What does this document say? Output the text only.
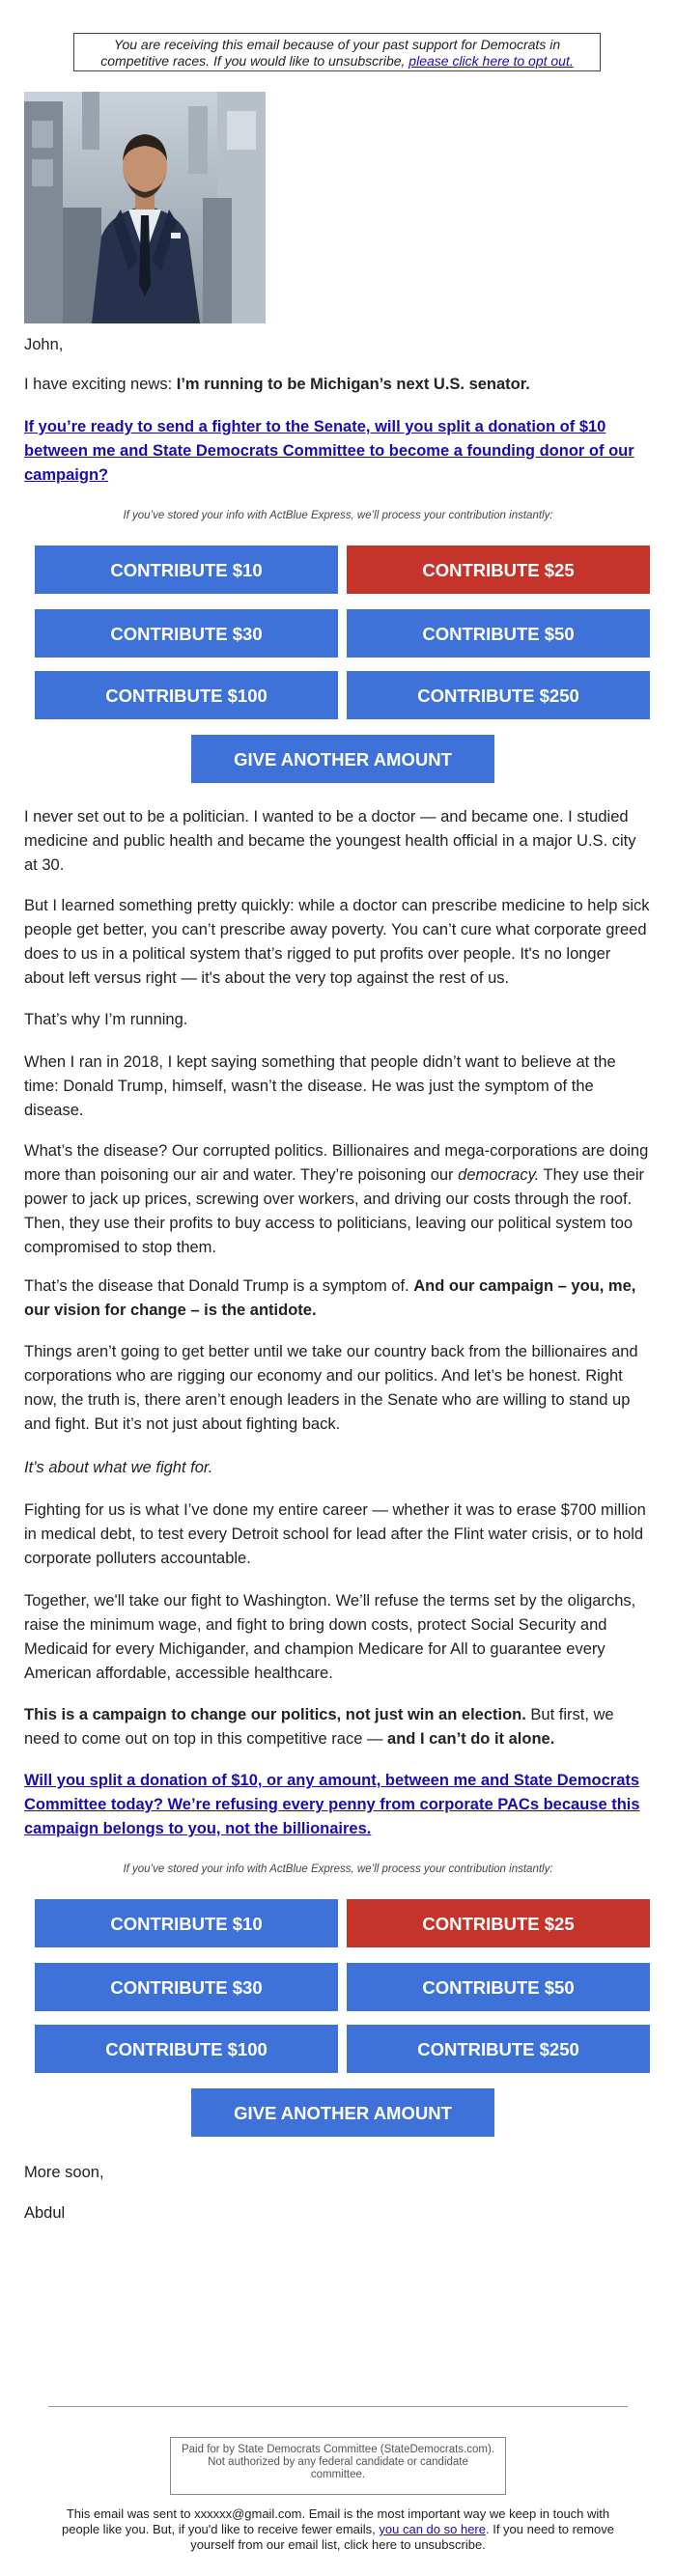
You are receiving this email because of your past support for Democrats in competitive races. If you would like to unsubscribe, please click here to opt out.

John,

I have exciting news: I’m running to be Michigan’s next U.S. senator.

If you’re ready to send a fighter to the Senate, will you split a donation of $10 between me and State Democrats Committee to become a founding donor of our campaign?

If you’ve stored your info with ActBlue Express, we’ll process your contribution instantly:
CONTRIBUTE $10	CONTRIBUTE $25
CONTRIBUTE $30	CONTRIBUTE $50
CONTRIBUTE $100	CONTRIBUTE $250
GIVE ANOTHER AMOUNT
I never set out to be a politician. I wanted to be a doctor — and became one. I studied medicine and public health and became the youngest health official in a major U.S. city at 30.
But I learned something pretty quickly: while a doctor can prescribe medicine to help sick people get better, you can’t prescribe away poverty. You can’t cure what corporate greed does to us in a political system that’s rigged to put profits over people. It's no longer about left versus right — it's about the very top against the rest of us.
That’s why I’m running.
When I ran in 2018, I kept saying something that people didn’t want to believe at the time: Donald Trump, himself, wasn’t the disease. He was just the symptom of the disease.

What’s the disease? Our corrupted politics. Billionaires and mega-corporations are doing more than poisoning our air and water. They’re poisoning our democracy. They use their power to jack up prices, screwing over workers, and driving our costs through the roof. Then, they use their profits to buy access to politicians, leaving our political system too compromised to stop them.

That’s the disease that Donald Trump is a symptom of. And our campaign – you, me, our vision for change – is the antidote.

Things aren’t going to get better until we take our country back from the billionaires and corporations who are rigging our economy and our politics. And let’s be honest. Right now, the truth is, there aren’t enough leaders in the Senate who are willing to stand up and fight. But it’s not just about fighting back.

It’s about what we fight for.

Fighting for us is what I’ve done my entire career — whether it was to erase $700 million in medical debt, to test every Detroit school for lead after the Flint water crisis, or to hold corporate polluters accountable.
Together, we'll take our fight to Washington. We’ll refuse the terms set by the oligarchs, raise the minimum wage, and fight to bring down costs, protect Social Security and Medicaid for every Michigander, and champion Medicare for All to guarantee every American affordable, accessible healthcare.

This is a campaign to change our politics, not just win an election. But first, we need to come out on top in this competitive race — and I can’t do it alone.

Will you split a donation of $10, or any amount, between me and State Democrats Committee today? We’re refusing every penny from corporate PACs because this campaign belongs to you, not the billionaires.

If you’ve stored your info with ActBlue Express, we’ll process your contribution instantly:
CONTRIBUTE $10	CONTRIBUTE $25
CONTRIBUTE $30	CONTRIBUTE $50
CONTRIBUTE $100	CONTRIBUTE $250
GIVE ANOTHER AMOUNT
More soon,
Abdul
Paid for by State Democrats Committee (StateDemocrats.com). Not authorized by any federal candidate or candidate committee.
This email was sent to xxxxxx@gmail.com. Email is the most important way we keep in touch with people like you. But, if you'd like to receive fewer emails, you can do so here. If you need to remove yourself from our email list, click here to unsubscribe.
